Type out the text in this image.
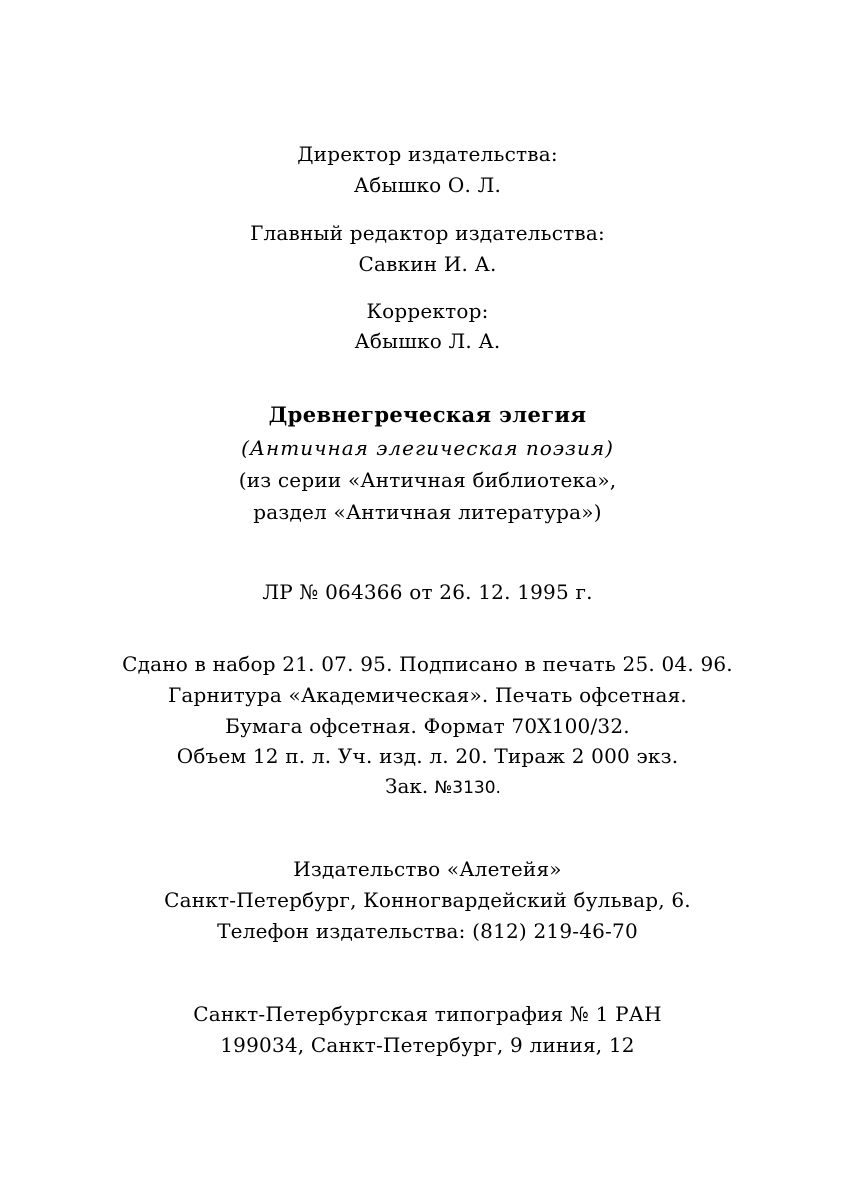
Директор издательства:
Абышко О. Л.
Главный редактор издательства:
Савкин И. А.
Корректор:
Абышко Л. А.
Древнегреческая элегия
(Античная элегическая поэзия)
(из серии «Античная библиотека»,
раздел «Античная литература»)
ЛР № 064366 от 26. 12. 1995 г.
Сдано в набор 21. 07. 95. Подписано в печать 25. 04. 96.
Гарнитура «Академическая». Печать офсетная.
Бумага офсетная. Формат 70Х100/32.
Объем 12 п. л. Уч. изд. л. 20. Тираж 2 000 экз.
Зак. №3130.
Издательство «Алетейя»
Санкт-Петербург, Конногвардейский бульвар, 6.
Телефон издательства: (812) 219-46-70
Санкт-Петербургская типография № 1 РАН
199034, Санкт-Петербург, 9 линия, 12
